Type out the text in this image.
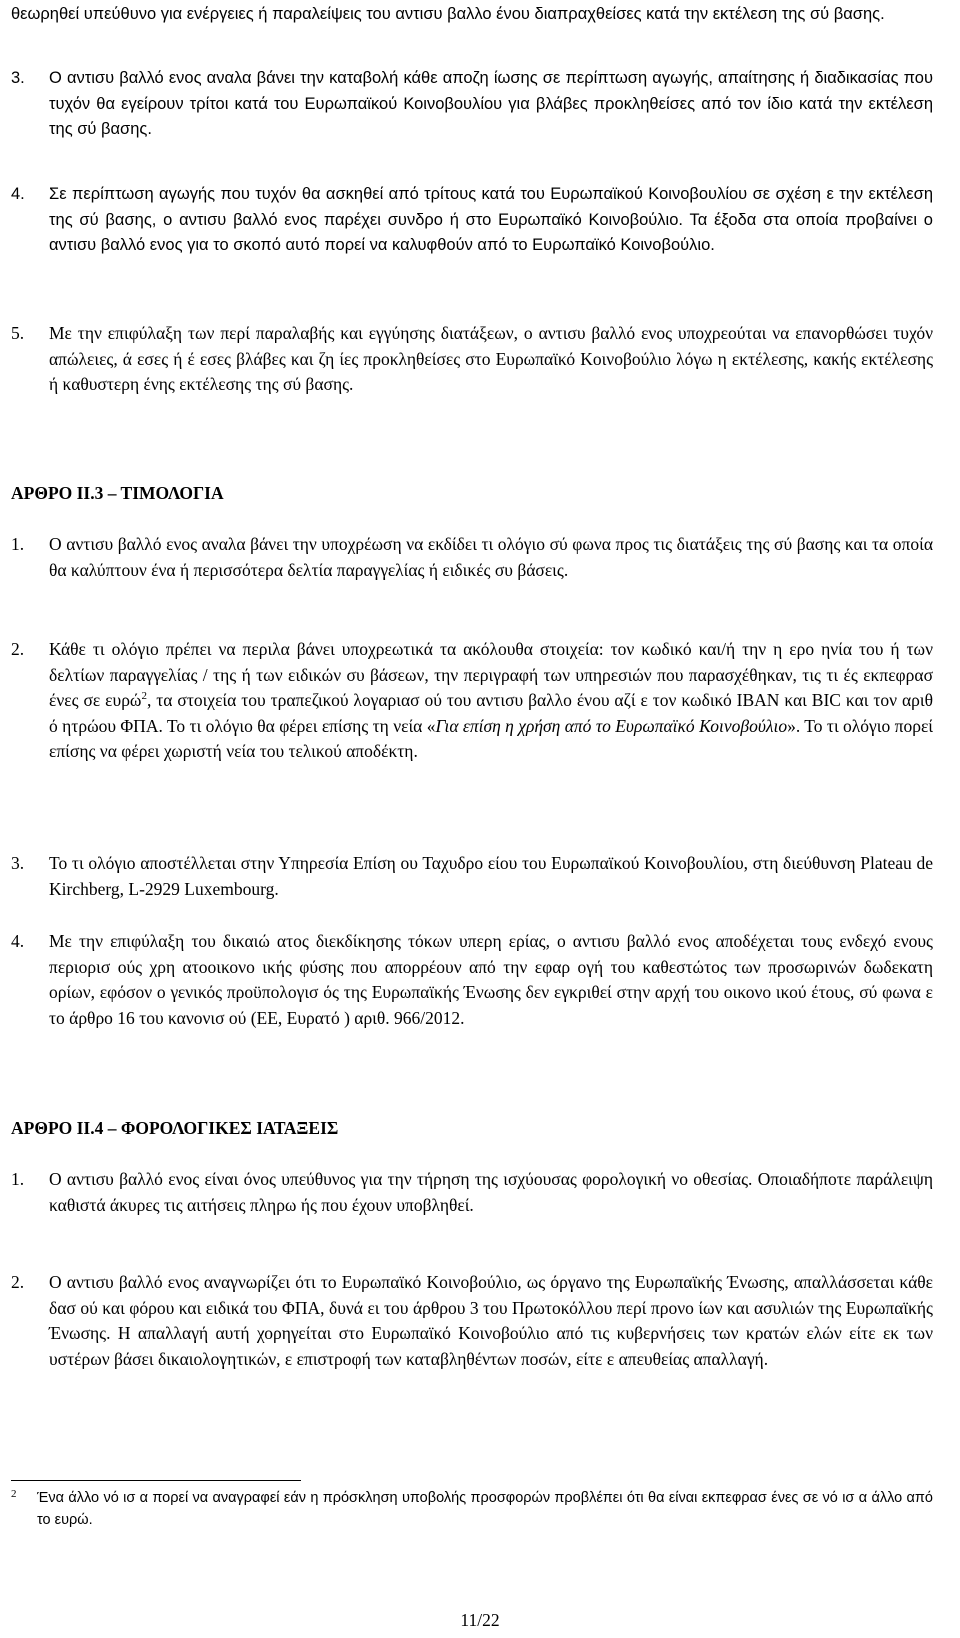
θεωρηθεί υπεύθυνο για ενέργειες ή παραλείψεις του αντισυ βαλλο ένου διαπραχθείσες κατά την εκτέλεση της σύ βασης.
3. Ο αντισυ βαλλό ενος αναλα βάνει την καταβολή κάθε αποζη ίωσης σε περίπτωση αγωγής, απαίτησης ή διαδικασίας που τυχόν θα εγείρουν τρίτοι κατά του Ευρωπαϊκού Κοινοβουλίου για βλάβες προκληθείσες από τον ίδιο κατά την εκτέλεση της σύ βασης.
4. Σε περίπτωση αγωγής που τυχόν θα ασκηθεί από τρίτους κατά του Ευρωπαϊκού Κοινοβουλίου σε σχέση ε την εκτέλεση της σύ βασης, ο αντισυ βαλλό ενος παρέχει συνδρο ή στο Ευρωπαϊκό Κοινοβούλιο. Τα έξοδα στα οποία προβαίνει ο αντισυ βαλλό ενος για το σκοπό αυτό πορεί να καλυφθούν από το Ευρωπαϊκό Κοινοβούλιο.
5. Με την επιφύλαξη των περί παραλαβής και εγγύησης διατάξεων, ο αντισυ βαλλό ενος υποχρεούται να επανορθώσει τυχόν απώλειες, ά εσες ή έ εσες βλάβες και ζη ίες προκληθείσες στο Ευρωπαϊκό Κοινοβούλιο λόγω η εκτέλεσης, κακής εκτέλεσης ή καθυστερη ένης εκτέλεσης της σύ βασης.
ΑΡΘΡΟ ΙΙ.3 – ΤΙΜΟΛΟΓΙΑ
1. Ο αντισυ βαλλό ενος αναλα βάνει την υποχρέωση να εκδίδει τι ολόγιο σύ φωνα προς τις διατάξεις της σύ βασης και τα οποία θα καλύπτουν ένα ή περισσότερα δελτία παραγγελίας ή ειδικές συ βάσεις.
2. Κάθε τι ολόγιο πρέπει να περιλα βάνει υποχρεωτικά τα ακόλουθα στοιχεία: τον κωδικό και/ή την η ερο ηνία του ή των δελτίων παραγγελίας / της ή των ειδικών συ βάσεων, την περιγραφή των υπηρεσιών που παρασχέθηκαν, τις τι ές εκπεφρασ ένες σε ευρώ$^2$, τα στοιχεία του τραπεζικού λογαριασ ού του αντισυ βαλλο ένου αζί ε τον κωδικό IBAN και BIC και τον αριθ ό ητρώου ΦΠΑ. Το τι ολόγιο θα φέρει επίσης τη νεία «Για επίση η χρήση από το Ευρωπαϊκό Κοινοβούλιο». Το τι ολόγιο πορεί επίσης να φέρει χωριστή νεία του τελικού αποδέκτη.
3. Το τι ολόγιο αποστέλλεται στην Υπηρεσία Επίση ου Ταχυδρο είου του Ευρωπαϊκού Κοινοβουλίου, στη διεύθυνση Plateau de Kirchberg, L-2929 Luxembourg.
4. Με την επιφύλαξη του δικαιώ ατος διεκδίκησης τόκων υπερη ερίας, ο αντισυ βαλλό ενος αποδέχεται τους ενδεχό ενους περιορισ ούς χρη ατοοικονο ικής φύσης που απορρέουν από την εφαρ ογή του καθεστώτος των προσωρινών δωδεκατη ορίων, εφόσον ο γενικός προϋπολογισ ός της Ευρωπαϊκής Ένωσης δεν εγκριθεί στην αρχή του οικονο ικού έτους, σύ φωνα ε το άρθρο 16 του κανονισ ού (ΕΕ, Ευρατό ) αριθ. 966/2012.
ΑΡΘΡΟ ΙΙ.4 – ΦΟΡΟΛΟΓΙΚΕΣ ΙΑΤΑΞΕΙΣ
1. Ο αντισυ βαλλό ενος είναι όνος υπεύθυνος για την τήρηση της ισχύουσας φορολογική νο οθεσίας. Οποιαδήποτε παράλειψη καθιστά άκυρες τις αιτήσεις πληρω ής που έχουν υποβληθεί.
2. Ο αντισυ βαλλό ενος αναγνωρίζει ότι το Ευρωπαϊκό Κοινοβούλιο, ως όργανο της Ευρωπαϊκής Ένωσης, απαλλάσσεται κάθε δασ ού και φόρου και ειδικά του ΦΠΑ, δυνά ει του άρθρου 3 του Πρωτοκόλλου περί προνο ίων και ασυλιών της Ευρωπαϊκής Ένωσης. Η απαλλαγή αυτή χορηγείται στο Ευρωπαϊκό Κοινοβούλιο από τις κυβερνήσεις των κρατών ελών είτε εκ των υστέρων βάσει δικαιολογητικών, ε επιστροφή των καταβληθέντων ποσών, είτε ε απευθείας απαλλαγή.
2 Ένα άλλο νό ισ α πορεί να αναγραφεί εάν η πρόσκληση υποβολής προσφορών προβλέπει ότι θα είναι εκπεφρασ ένες σε νό ισ α άλλο από το ευρώ.
11/22
